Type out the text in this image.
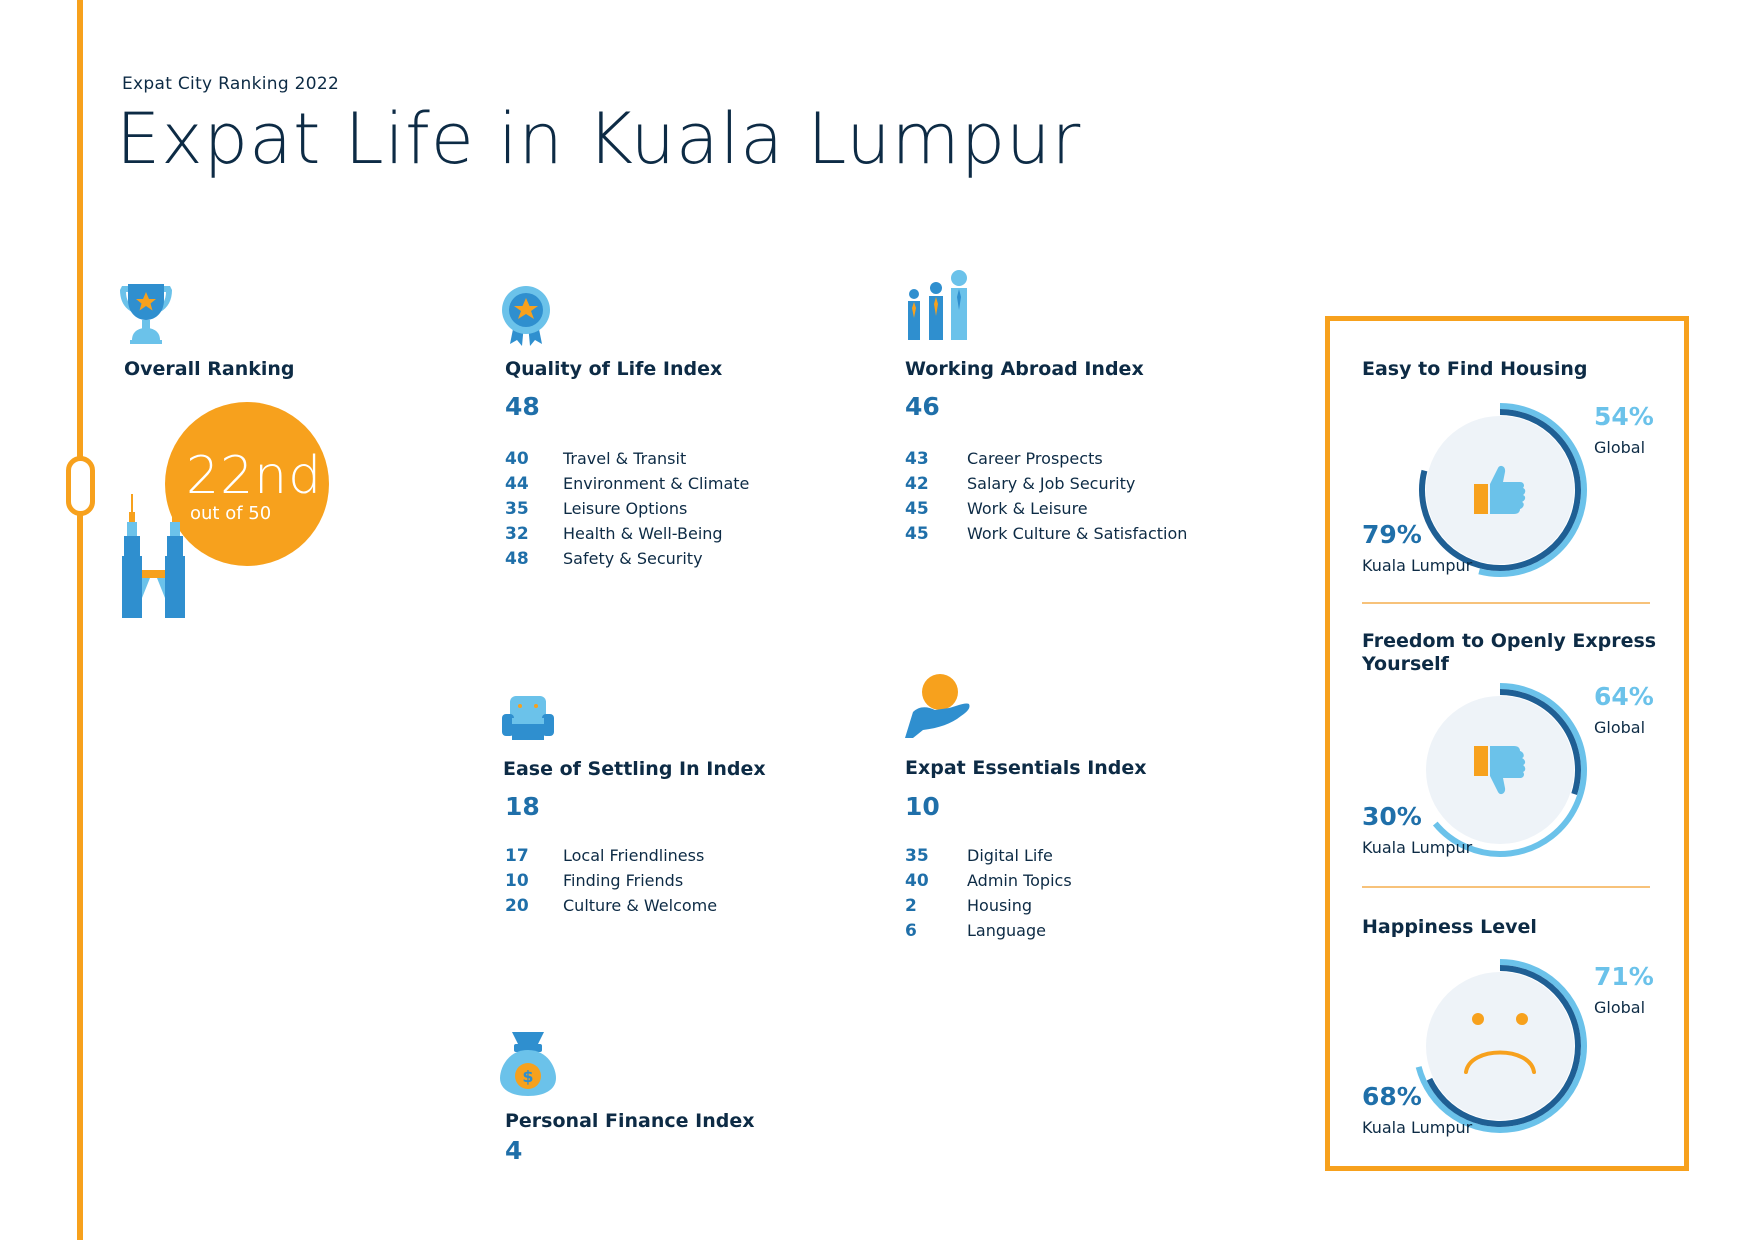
Expat City Ranking 2022
Expat Life in Kuala Lumpur
Overall Ranking
22nd
out of 50
Quality of Life Index
48
40	Travel & Transit
44	Environment & Climate
35	Leisure Options
32	Health & Well-Being
48	Safety & Security
Working Abroad Index
46
43	Career Prospects
42	Salary & Job Security
45	Work & Leisure
45	Work Culture & Satisfaction
Ease of Settling In Index
18
17	Local Friendliness
10	Finding Friends
20	Culture & Welcome
Expat Essentials Index
10
35	Digital Life
40	Admin Topics
2	Housing
6	Language
$
Personal Finance Index
4
Easy to Find Housing
54%
Global
79%
Kuala Lumpur
Freedom to Openly Express Yourself
64%
Global
30%
Kuala Lumpur
Happiness Level
71%
Global
68%
Kuala Lumpur
